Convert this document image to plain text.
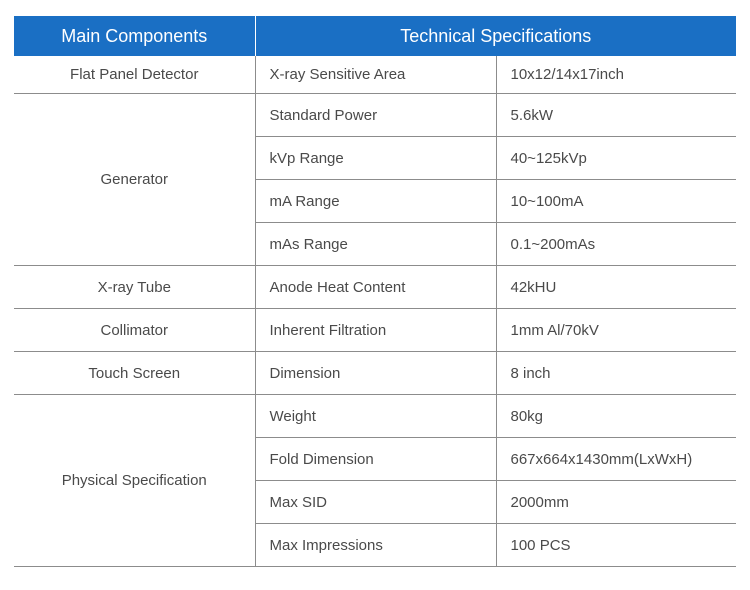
Main Components	Technical Specifications	
Flat Panel Detector	X-ray Sensitive Area	10x12/14x17inch
Generator	Standard Power	5.6kW
	kVp Range	40~125kVp
	mA Range	10~100mA
	mAs Range	0.1~200mAs
X-ray Tube	Anode Heat Content	42kHU
Collimator	Inherent Filtration	1mm Al/70kV
Touch Screen	Dimension	8 inch
Physical Specification	Weight	80kg
	Fold Dimension	667x664x1430mm(LxWxH)
	Max SID	2000mm
	Max Impressions	100 PCS
